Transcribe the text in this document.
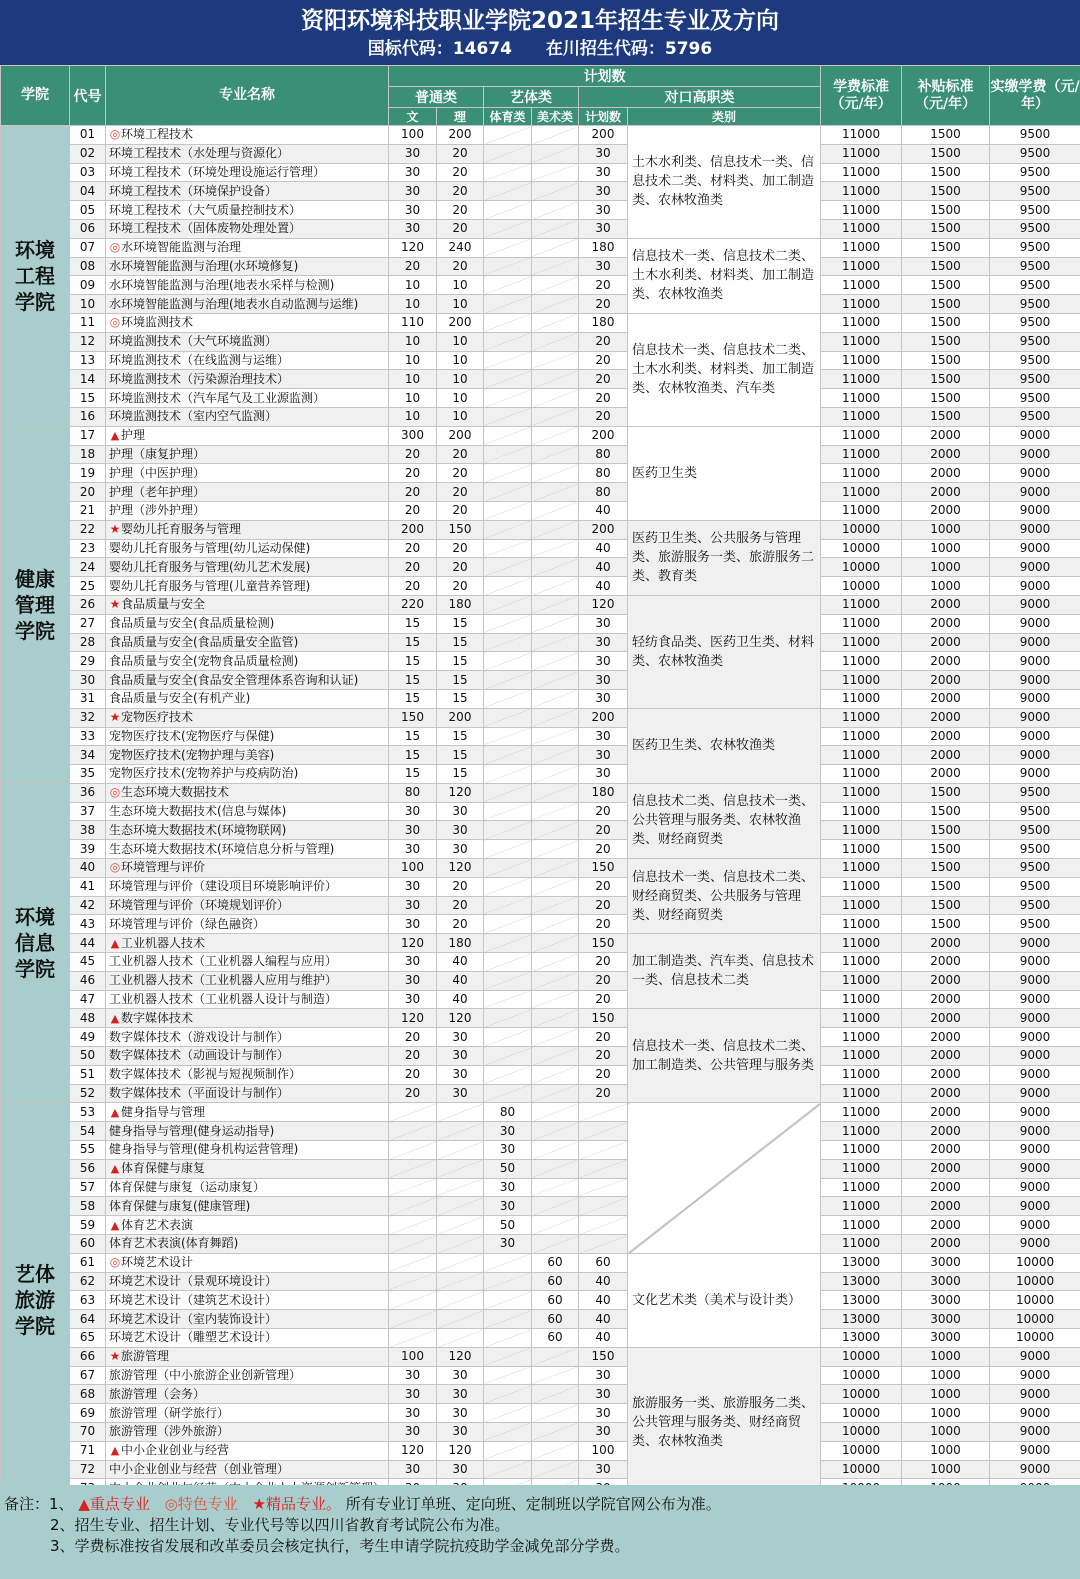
资阳环境科技职业学院2021年招生专业及方向
国标代码：14674 在川招生代码：5796
学院	代号	专业名称	计划数						学费标准（元/年）	补贴标准（元/年）	实缴学费（元/年）
			普通类		艺体类		对口高职类				
			文	理	体育类	美术类	计划数	类别			
环境工程学院	01	◎环境工程技术	100	200			200	土木水利类、信息技术一类、信息技术二类、材料类、加工制造类、农林牧渔类	11000	1500	9500
	02	环境工程技术（水处理与资源化）	30	20			30		11000	1500	9500
	03	环境工程技术（环境处理设施运行管理）	30	20			30		11000	1500	9500
	04	环境工程技术（环境保护设备）	30	20			30		11000	1500	9500
	05	环境工程技术（大气质量控制技术）	30	20			30		11000	1500	9500
	06	环境工程技术（固体废物处理处置）	30	20			30		11000	1500	9500
	07	◎水环境智能监测与治理	120	240			180	信息技术一类、信息技术二类、土木水利类、材料类、加工制造类、农林牧渔类	11000	1500	9500
	08	水环境智能监测与治理(水环境修复)	20	20			30		11000	1500	9500
	09	水环境智能监测与治理(地表水采样与检测)	10	10			20		11000	1500	9500
	10	水环境智能监测与治理(地表水自动监测与运维)	10	10			20		11000	1500	9500
	11	◎环境监测技术	110	200			180	信息技术一类、信息技术二类、土木水利类、材料类、加工制造类、农林牧渔类、汽车类	11000	1500	9500
	12	环境监测技术（大气环境监测）	10	10			20		11000	1500	9500
	13	环境监测技术（在线监测与运维）	10	10			20		11000	1500	9500
	14	环境监测技术（污染源治理技术）	10	10			20		11000	1500	9500
	15	环境监测技术（汽车尾气及工业源监测）	10	10			20		11000	1500	9500
	16	环境监测技术（室内空气监测）	10	10			20		11000	1500	9500
健康管理学院	17	▲ 护理	300	200			200	医药卫生类	11000	2000	9000
	18	护理（康复护理）	20	20			80		11000	2000	9000
	19	护理（中医护理）	20	20			80		11000	2000	9000
	20	护理（老年护理）	20	20			80		11000	2000	9000
	21	护理（涉外护理）	20	20			40		11000	2000	9000
	22	★婴幼儿托育服务与管理	200	150			200	医药卫生类、公共服务与管理类、旅游服务一类、旅游服务二类、教育类	10000	1000	9000
	23	婴幼儿托育服务与管理(幼儿运动保健)	20	20			40		10000	1000	9000
	24	婴幼儿托育服务与管理(幼儿艺术发展)	20	20			40		10000	1000	9000
	25	婴幼儿托育服务与管理(儿童营养管理)	20	20			40		10000	1000	9000
	26	★食品质量与安全	220	180			120	轻纺食品类、医药卫生类、材料类、农林牧渔类	11000	2000	9000
	27	食品质量与安全(食品质量检测)	15	15			30		11000	2000	9000
	28	食品质量与安全(食品质量安全监管)	15	15			30		11000	2000	9000
	29	食品质量与安全(宠物食品质量检测)	15	15			30		11000	2000	9000
	30	食品质量与安全(食品安全管理体系咨询和认证)	15	15			30		11000	2000	9000
	31	食品质量与安全(有机产业)	15	15			30		11000	2000	9000
	32	★宠物医疗技术	150	200			200	医药卫生类、农林牧渔类	11000	2000	9000
	33	宠物医疗技术(宠物医疗与保健)	15	15			30		11000	2000	9000
	34	宠物医疗技术(宠物护理与美容)	15	15			30		11000	2000	9000
	35	宠物医疗技术(宠物养护与疫病防治)	15	15			30		11000	2000	9000
环境信息学院	36	◎生态环境大数据技术	80	120			180	信息技术二类、信息技术一类、公共管理与服务类、农林牧渔类、财经商贸类	11000	1500	9500
	37	生态环境大数据技术(信息与媒体)	30	30			20		11000	1500	9500
	38	生态环境大数据技术(环境物联网)	30	30			20		11000	1500	9500
	39	生态环境大数据技术(环境信息分析与管理)	30	30			20		11000	1500	9500
	40	◎环境管理与评价	100	120			150	信息技术一类、信息技术二类、财经商贸类、公共服务与管理类、财经商贸类	11000	1500	9500
	41	环境管理与评价（建设项目环境影响评价）	30	20			20		11000	1500	9500
	42	环境管理与评价（环境规划评价）	30	20			20		11000	1500	9500
	43	环境管理与评价（绿色融资）	30	20			20		11000	1500	9500
	44	▲ 工业机器人技术	120	180			150	加工制造类、汽车类、信息技术一类、信息技术二类	11000	2000	9000
	45	工业机器人技术（工业机器人编程与应用）	30	40			20		11000	2000	9000
	46	工业机器人技术（工业机器人应用与维护）	30	40			20		11000	2000	9000
	47	工业机器人技术（工业机器人设计与制造）	30	40			20		11000	2000	9000
	48	▲ 数字媒体技术	120	120			150	信息技术一类、信息技术二类、加工制造类、公共管理与服务类	11000	2000	9000
	49	数字媒体技术（游戏设计与制作）	20	30			20		11000	2000	9000
	50	数字媒体技术（动画设计与制作）	20	30			20		11000	2000	9000
	51	数字媒体技术（影视与短视频制作）	20	30			20		11000	2000	9000
	52	数字媒体技术（平面设计与制作）	20	30			20		11000	2000	9000
艺体旅游学院	53	▲ 健身指导与管理			80				11000	2000	9000
	54	健身指导与管理(健身运动指导)			30				11000	2000	9000
	55	健身指导与管理(健身机构运营管理)			30				11000	2000	9000
	56	▲ 体育保健与康复			50				11000	2000	9000
	57	体育保健与康复（运动康复）			30				11000	2000	9000
	58	体育保健与康复(健康管理)			30				11000	2000	9000
	59	▲ 体育艺术表演			50				11000	2000	9000
	60	体育艺术表演(体育舞蹈)			30				11000	2000	9000
	61	◎环境艺术设计				60	60	文化艺术类（美术与设计类）	13000	3000	10000
	62	环境艺术设计（景观环境设计）				60	40		13000	3000	10000
	63	环境艺术设计（建筑艺术设计）				60	40		13000	3000	10000
	64	环境艺术设计（室内装饰设计）				60	40		13000	3000	10000
	65	环境艺术设计（雕塑艺术设计）				60	40		13000	3000	10000
	66	★旅游管理	100	120			150	旅游服务一类、旅游服务二类、公共管理与服务类、财经商贸类、农林牧渔类	10000	1000	9000
	67	旅游管理（中小旅游企业创新管理）	30	30			30		10000	1000	9000
	68	旅游管理（会务）	30	30			30		10000	1000	9000
	69	旅游管理（研学旅行）	30	30			30		10000	1000	9000
	70	旅游管理（涉外旅游）	30	30			30		10000	1000	9000
	71	▲ 中小企业创业与经营	120	120			100		10000	1000	9000
	72	中小企业创业与经营（创业管理）	30	30			30		10000	1000	9000

备注：1、 ▲重点专业 ◎特色专业 ★精品专业。 所有专业订单班、定向班、定制班以学院官网公布为准。
2、招生专业、招生计划、专业代号等以四川省教育考试院公布为准。
3、学费标准按省发展和改革委员会核定执行，考生申请学院抗疫助学金减免部分学费。
